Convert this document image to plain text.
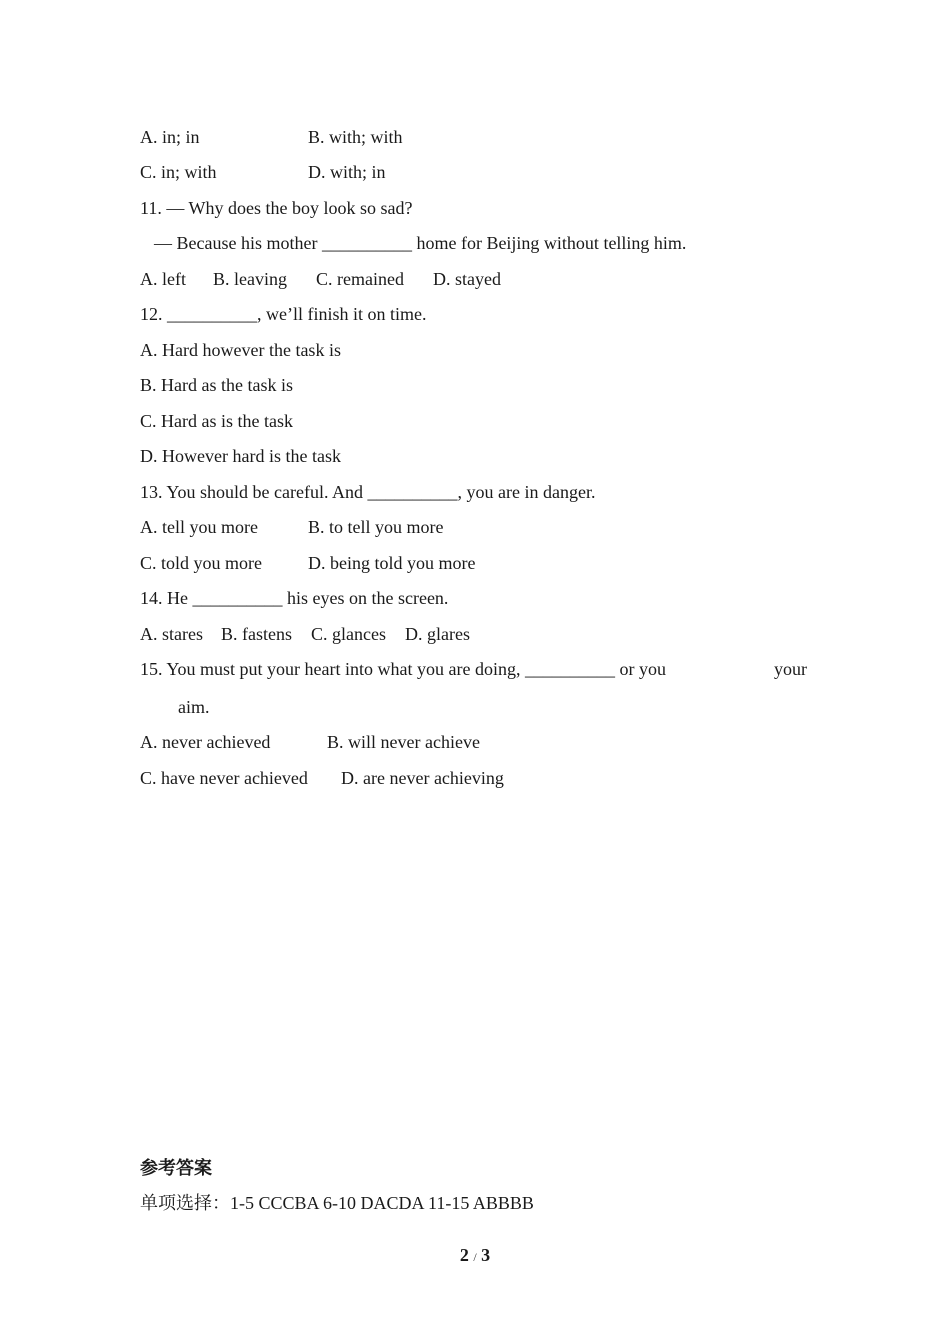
A. in; in	B. with; with
C. in; with	D. with; in
11. — Why does the boy look so sad?
— Because his mother __________ home for Beijing without telling him.
A. left B. leaving C. remained D. stayed
12. __________, we’ll finish it on time.
A. Hard however the task is
B. Hard as the task is
C. Hard as is the task
D. However hard is the task
13. You should be careful. And __________, you are in danger.
A. tell you more	B. to tell you more
C. told you more	D. being told you more
14. He __________ his eyes on the screen.
A. stares B. fastens C. glances D. glares
15. You must put your heart into what you are doing, __________ or you	your
aim.
A. never achieved	B. will never achieve
C. have never achieved D. are never achieving
参考答案
单项选择：1-5 CCCBA 6-10 DACDA 11-15 ABBBB
2 / 3
